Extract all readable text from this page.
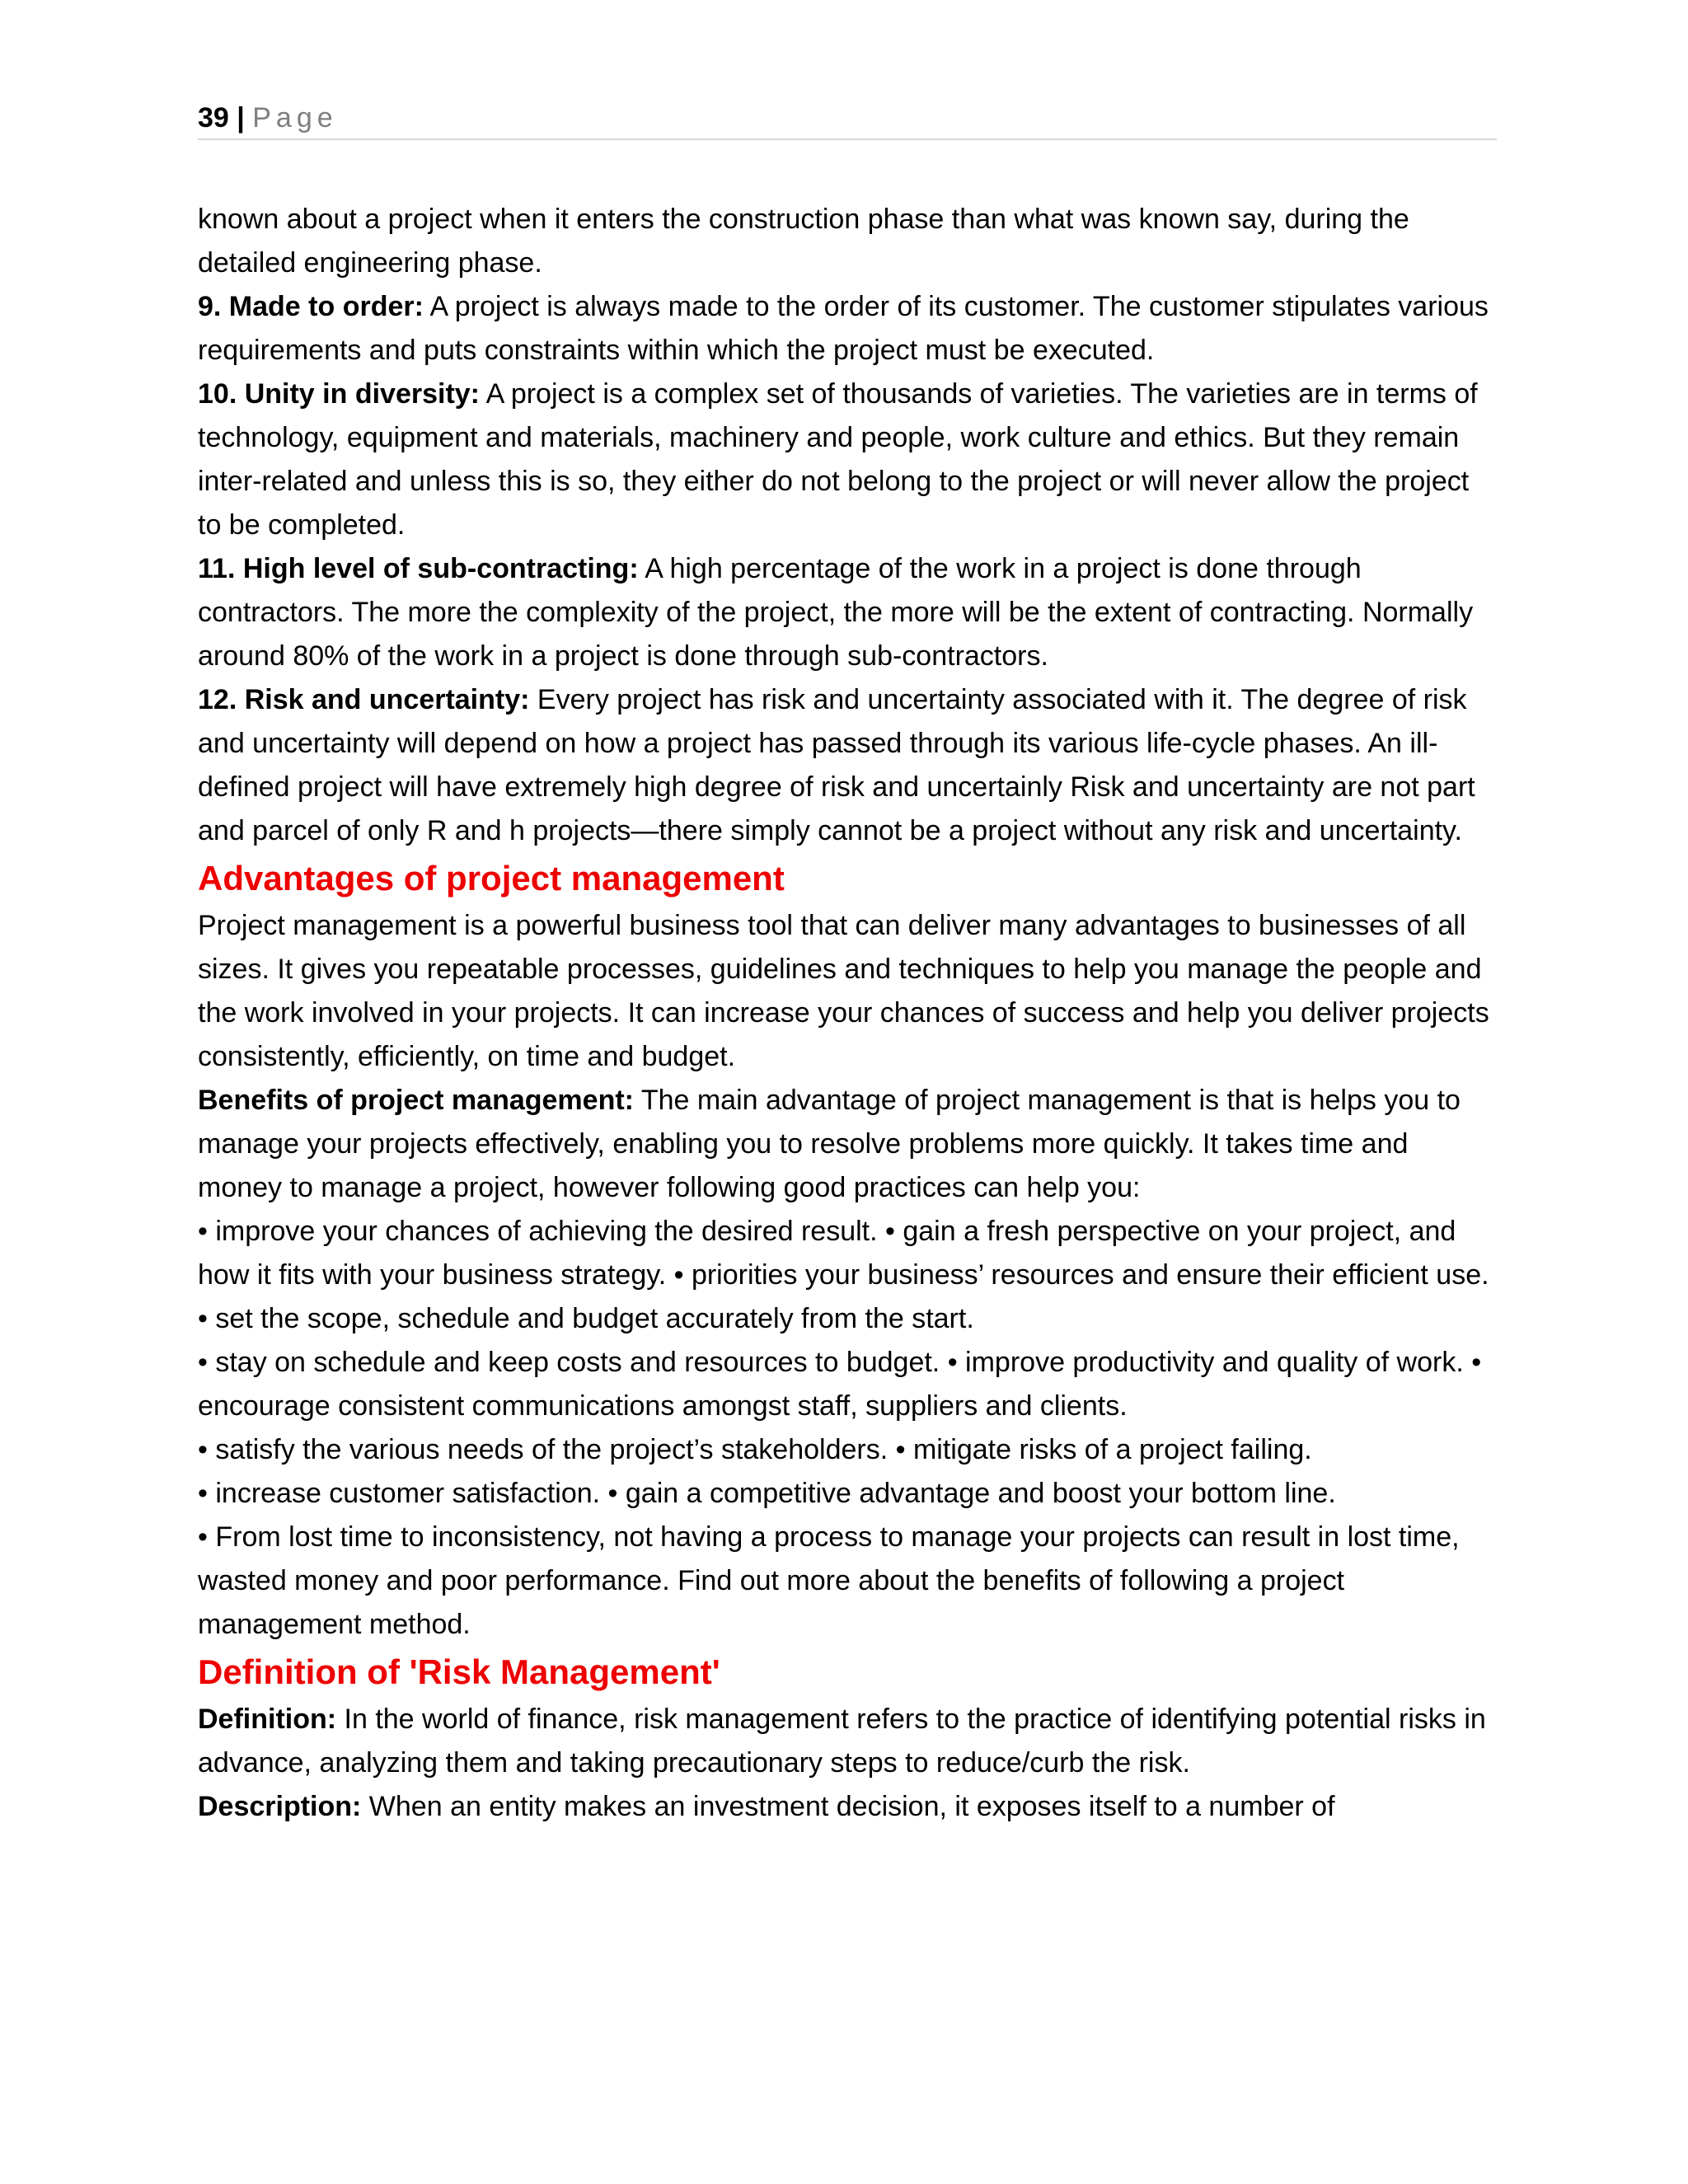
39 | Page

known about a project when it enters the construction phase than what was known say, during the detailed engineering phase.

9. Made to order: A project is always made to the order of its customer. The customer stipulates various requirements and puts constraints within which the project must be executed.

10. Unity in diversity: A project is a complex set of thousands of varieties. The varieties are in terms of technology, equipment and materials, machinery and people, work culture and ethics. But they remain inter-related and unless this is so, they either do not belong to the project or will never allow the project to be completed.

11. High level of sub-contracting: A high percentage of the work in a project is done through contractors. The more the complexity of the project, the more will be the extent of contracting. Normally around 80% of the work in a project is done through sub-contractors.

12. Risk and uncertainty: Every project has risk and uncertainty associated with it. The degree of risk and uncertainty will depend on how a project has passed through its various life-cycle phases. An ill-defined project will have extremely high degree of risk and uncertainly Risk and uncertainty are not part and parcel of only R and h projects—there simply cannot be a project without any risk and uncertainty.

Advantages of project management

Project management is a powerful business tool that can deliver many advantages to businesses of all sizes. It gives you repeatable processes, guidelines and techniques to help you manage the people and the work involved in your projects. It can increase your chances of success and help you deliver projects consistently, efficiently, on time and budget.

Benefits of project management: The main advantage of project management is that is helps you to manage your projects effectively, enabling you to resolve problems more quickly. It takes time and money to manage a project, however following good practices can help you:

• improve your chances of achieving the desired result. • gain a fresh perspective on your project, and how it fits with your business strategy. • priorities your business’ resources and ensure their efficient use. • set the scope, schedule and budget accurately from the start.

• stay on schedule and keep costs and resources to budget. • improve productivity and quality of work. • encourage consistent communications amongst staff, suppliers and clients.

• satisfy the various needs of the project’s stakeholders. • mitigate risks of a project failing.

• increase customer satisfaction. • gain a competitive advantage and boost your bottom line.

• From lost time to inconsistency, not having a process to manage your projects can result in lost time, wasted money and poor performance. Find out more about the benefits of following a project management method.

Definition of 'Risk Management'

Definition: In the world of finance, risk management refers to the practice of identifying potential risks in advance, analyzing them and taking precautionary steps to reduce/curb the risk.

Description: When an entity makes an investment decision, it exposes itself to a number of
